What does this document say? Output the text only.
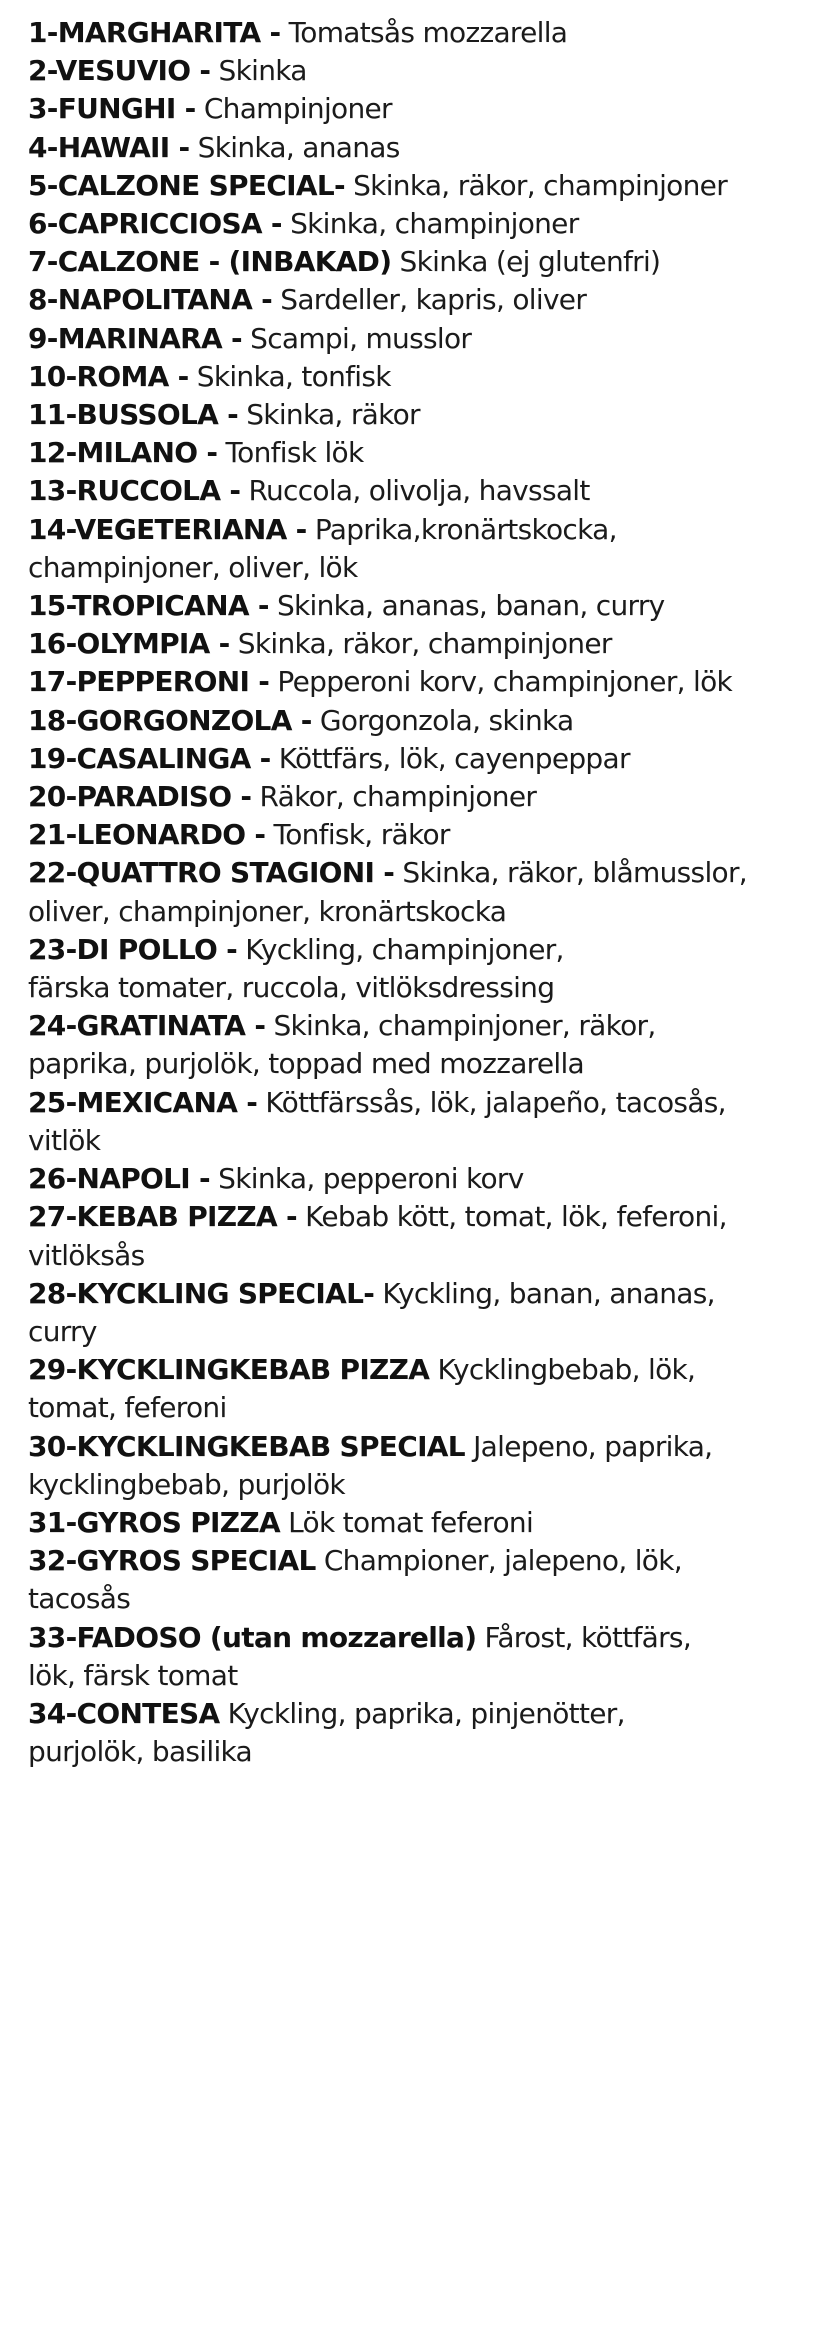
1-MARGHARITA - Tomatsås mozzarella
2-VESUVIO - Skinka
3-FUNGHI - Champinjoner
4-HAWAII - Skinka, ananas
5-CALZONE SPECIAL- Skinka, räkor, champinjoner
6-CAPRICCIOSA - Skinka, champinjoner
7-CALZONE - (INBAKAD) Skinka (ej glutenfri)
8-NAPOLITANA - Sardeller, kapris, oliver
9-MARINARA - Scampi, musslor
10-ROMA - Skinka, tonfisk
11-BUSSOLA - Skinka, räkor
12-MILANO - Tonfisk lök
13-RUCCOLA - Ruccola, olivolja, havssalt
14-VEGETERIANA - Paprika,kronärtskocka,
champinjoner, oliver, lök
15-TROPICANA - Skinka, ananas, banan, curry
16-OLYMPIA - Skinka, räkor, champinjoner
17-PEPPERONI - Pepperoni korv, champinjoner, lök
18-GORGONZOLA - Gorgonzola, skinka
19-CASALINGA - Köttfärs, lök, cayenpeppar
20-PARADISO - Räkor, champinjoner
21-LEONARDO - Tonfisk, räkor
22-QUATTRO STAGIONI - Skinka, räkor, blåmusslor,
oliver, champinjoner, kronärtskocka
23-DI POLLO - Kyckling, champinjoner,
färska tomater, ruccola, vitlöksdressing
24-GRATINATA - Skinka, champinjoner, räkor,
paprika, purjolök, toppad med mozzarella
25-MEXICANA - Köttfärssås, lök, jalapeño, tacosås,
vitlök
26-NAPOLI - Skinka, pepperoni korv
27-KEBAB PIZZA - Kebab kött, tomat, lök, feferoni,
vitlöksås
28-KYCKLING SPECIAL- Kyckling, banan, ananas,
curry
29-KYCKLINGKEBAB PIZZA Kycklingbebab, lök,
tomat, feferoni
30-KYCKLINGKEBAB SPECIAL Jalepeno, paprika,
kycklingbebab, purjolök
31-GYROS PIZZA Lök tomat feferoni
32-GYROS SPECIAL Championer, jalepeno, lök,
tacosås
33-FADOSO (utan mozzarella) Fårost, köttfärs,
lök, färsk tomat
34-CONTESA Kyckling, paprika, pinjenötter,
purjolök, basilika
